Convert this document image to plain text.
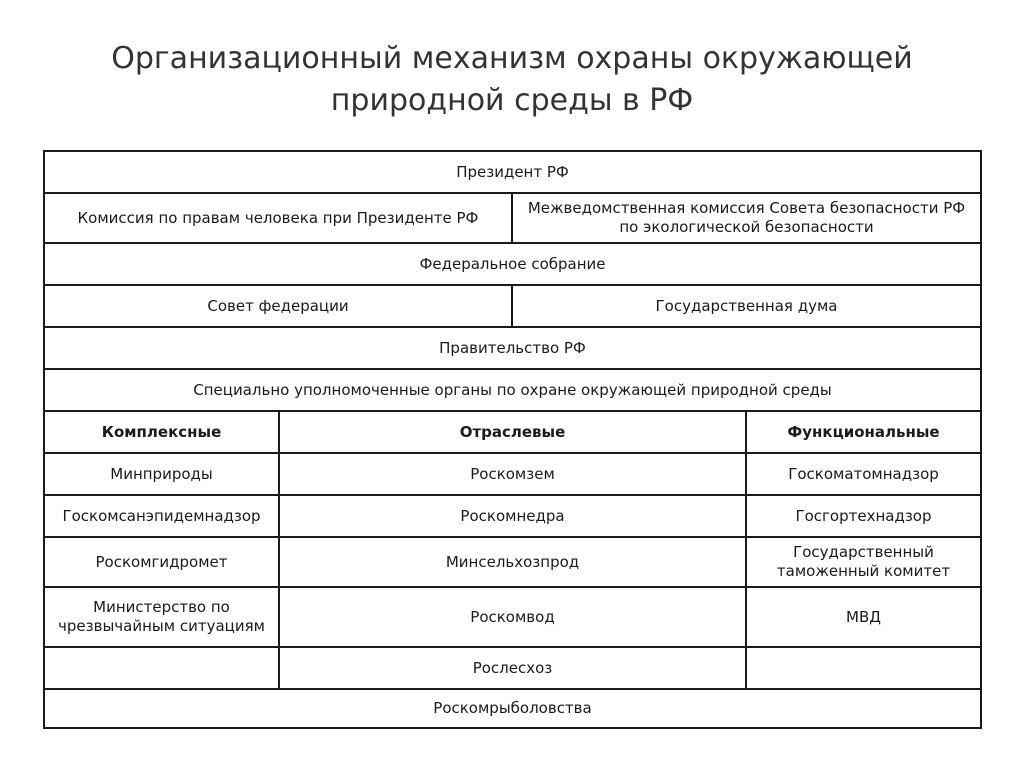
Организационный механизм охраны окружающей природной среды в РФ
Президент РФ			
Комиссия по правам человека при Президенте РФ		Межведомственная комиссия Совета безопасности РФ по экологической безопасности	
Федеральное собрание			
Совет федерации		Государственная дума	
Правительство РФ			
Специально уполномоченные органы по охране окружающей природной среды			
Комплексные	Отраслевые		Функциональные
Минприроды	Роскомзем		Госкоматомнадзор
Госкомсанэпидемнадзор	Роскомнедра		Госгортехнадзор
Роскомгидромет	Минсельхозпрод		Государственный таможенный комитет
Министерство по чрезвычайным ситуациям	Роскомвод		МВД
	Рослесхоз		
Роскомрыболовства			
